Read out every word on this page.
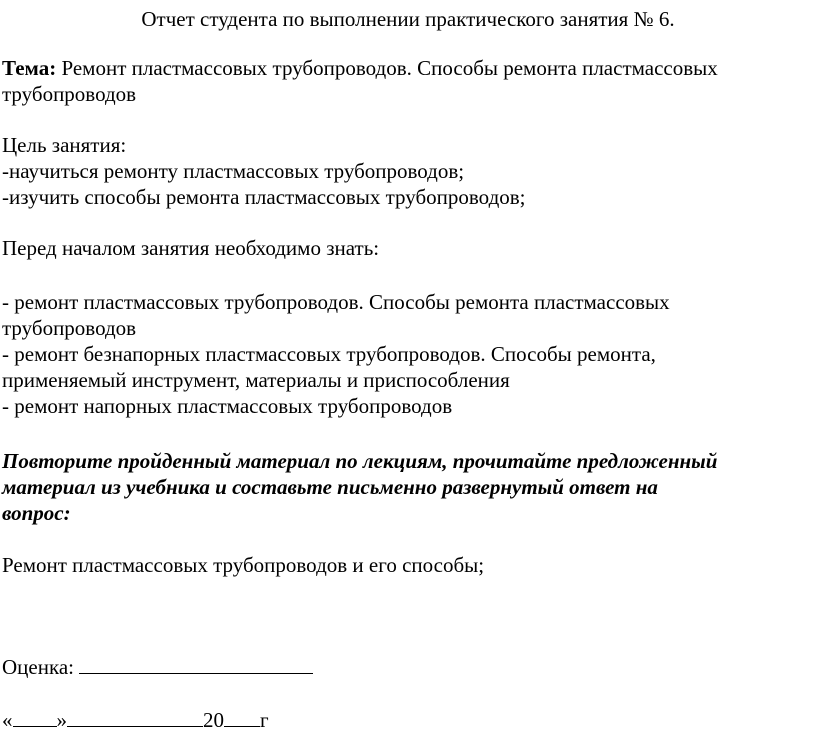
Отчет студента по выполнении практического занятия № 6.

Тема: Ремонт пластмассовых трубопроводов. Способы ремонта пластмассовых

трубопроводов

Цель занятия:

-научиться ремонту пластмассовых трубопроводов;

-изучить способы ремонта пластмассовых трубопроводов;

Перед началом занятия необходимо знать:

- ремонт пластмассовых трубопроводов. Способы ремонта пластмассовых

трубопроводов

- ремонт безнапорных пластмассовых трубопроводов. Способы ремонта,

применяемый инструмент, материалы и приспособления

- ремонт напорных пластмассовых трубопроводов

Повторите пройденный материал по лекциям, прочитайте предложенный

материал из учебника и составьте письменно развернутый ответ на

вопрос:

Ремонт пластмассовых трубопроводов и его способы;

Оценка:

« »	20 г
